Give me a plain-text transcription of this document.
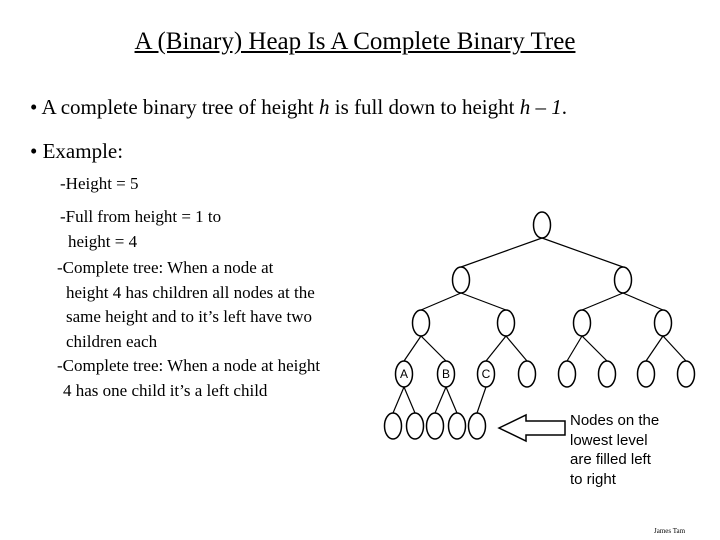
A (Binary) Heap Is A Complete Binary Tree
• A complete binary tree of height h is full down to height h – 1.
• Example:
-Height = 5
-Full from height = 1 to
height = 4
-Complete tree: When a node at
height 4 has children all nodes at the
same height and to it’s left have two
children each
-Complete tree: When a node at height
4 has one child it’s a left child
A	B	C
Nodes on the
lowest level
are filled left
to right
James Tam
